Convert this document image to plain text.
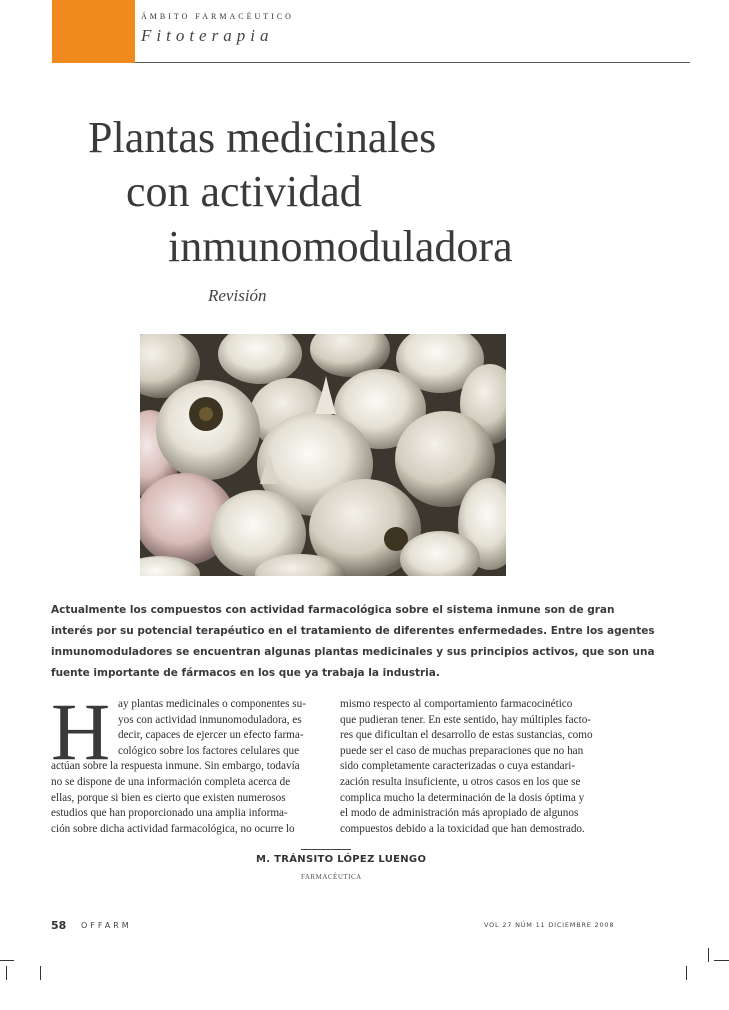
ÁMBITO FARMACÉUTICO
Fitoterapia
Plantas medicinales
con actividad
inmunomoduladora
Revisión

Actualmente los compuestos con actividad farmacológica sobre el sistema inmune son de gran

interés por su potencial terapéutico en el tratamiento de diferentes enfermedades. Entre los agentes

inmunomoduladores se encuentran algunas plantas medicinales y sus principios activos, que son una

fuente importante de fármacos en los que ya trabaja la industria.

H ay plantas medicinales o componentes su-

yos con actividad inmunomoduladora, es

decir, capaces de ejercer un efecto farma-

cológico sobre los factores celulares que

actúan sobre la respuesta inmune. Sin embargo, todavía

no se dispone de una información completa acerca de

ellas, porque si bien es cierto que existen numerosos

estudios que han proporcionado una amplia informa-

ción sobre dicha actividad farmacológica, no ocurre lo

mismo respecto al comportamiento farmacocinético

que pudieran tener. En este sentido, hay múltiples facto-

res que dificultan el desarrollo de estas sustancias, como

puede ser el caso de muchas preparaciones que no han

sido completamente caracterizadas o cuya estandari-

zación resulta insuficiente, u otros casos en los que se

complica mucho la determinación de la dosis óptima y

el modo de administración más apropiado de algunos

compuestos debido a la toxicidad que han demostrado.

M. TRÁNSITO LÓPEZ LUENGO
FARMACÉUTICA
58 OFFARM	VOL 27 NÚM 11 DICIEMBRE 2008
